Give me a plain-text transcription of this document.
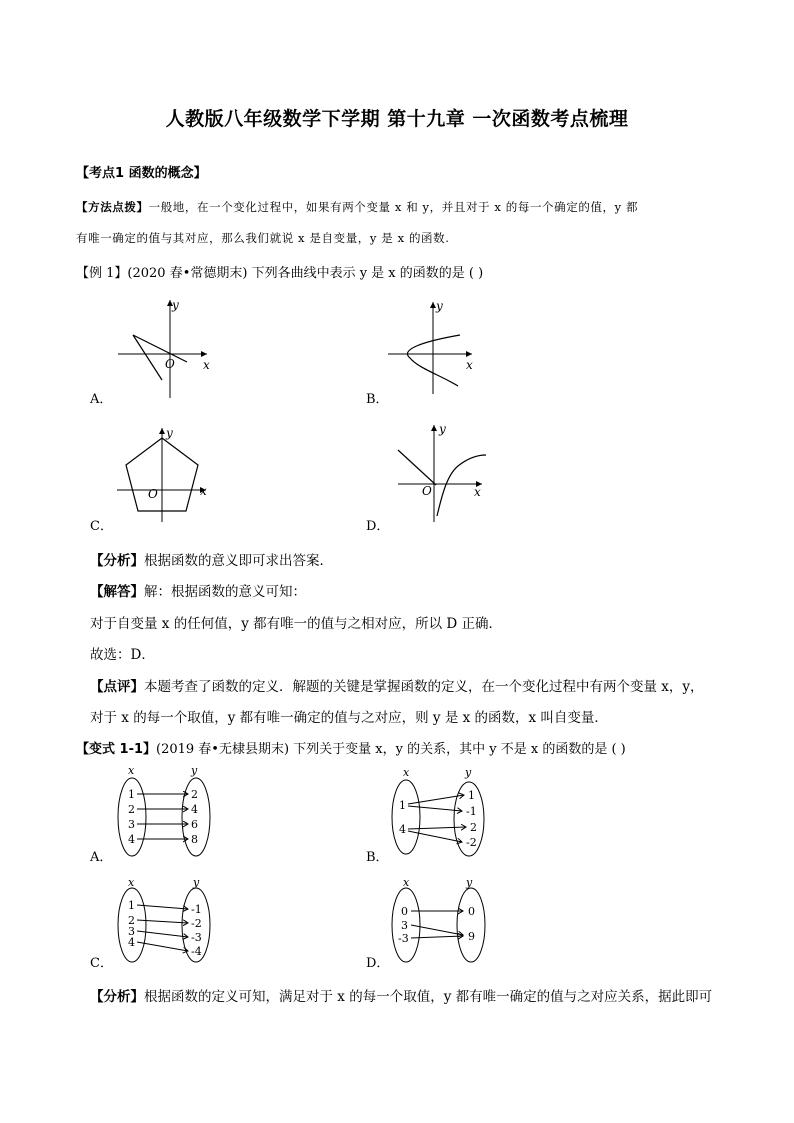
人教版八年级数学下学期 第十九章 一次函数考点梳理
【考点1 函数的概念】
【方法点拨】一般地，在一个变化过程中，如果有两个变量 x 和 y，并且对于 x 的每一个确定的值，y 都
有唯一确定的值与其对应，那么我们就说 x 是自变量，y 是 x 的函数.
【例 1】(2020 春•常德期末) 下列各曲线中表示 y 是 x 的函数的是 ( )
O x
y
x
y
O	x
y
O	x
y
A．	B．
C．	D．
【分析】根据函数的意义即可求出答案．
【解答】解：根据函数的意义可知：
对于自变量 x 的任何值，y 都有唯一的值与之相对应，所以 D 正确．
故选：D．
【点评】本题考查了函数的定义．解题的关键是掌握函数的定义，在一个变化过程中有两个变量 x，y，
对于 x 的每一个取值，y 都有唯一确定的值与之对应，则 y 是 x 的函数，x 叫自变量．
【变式 1-1】(2019 春•无棣县期末) 下列关于变量 x，y 的关系，其中 y 不是 x 的函数的是 ( )
x	y
1
2
3
4
2
4
6
8
x	y
1
4
1
-1
2
-2
x	y
1
2
3
4
-1
-2
-3
-4
x	y
0
3
-3
0
9
A．	B．
C．	D．
【分析】根据函数的定义可知，满足对于 x 的每一个取值，y 都有唯一确定的值与之对应关系，据此即可
